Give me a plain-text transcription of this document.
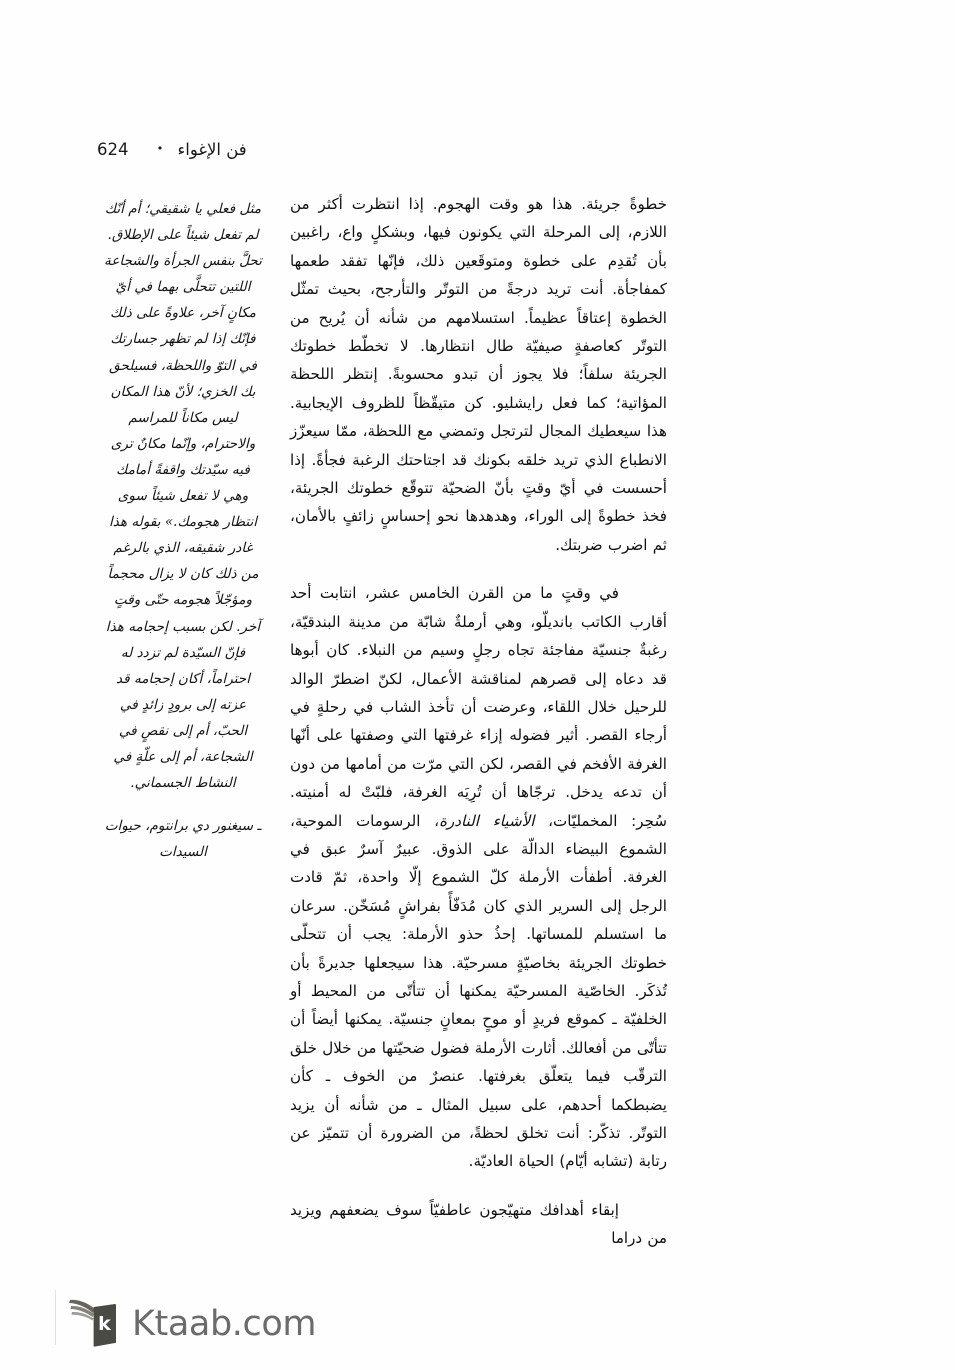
فن الإغواء • 624

خطوةً جريئة. هذا هو وقت الهجوم. إذا انتظرت أكثر من اللازم، إلى المرحلة التي يكونون فيها، وبشكلٍ واع، راغبين بأن تُقدِم على خطوة ومتوقَعين ذلك، فإنّها تفقد طعمها كمفاجأة. أنت تريد درجةً من التوتّر والتأرجح، بحيث تمثّل الخطوة إعتاقاً عظيماً. استسلامهم من شأنه أن يُريح من التوتّر كعاصفةٍ صيفيّة طال انتظارها. لا تخطّط خطوتك الجريئة سلفاً؛ فلا يجوز أن تبدو محسوبةً. إنتظر اللحظة المؤاتية؛ كما فعل رايشليو. كن متيقّظاً للظروف الإيجابية. هذا سيعطيك المجال لترتجل وتمضي مع اللحظة، ممّا سيعزّز الانطباع الذي تريد خلقه بكونك قد اجتاحتك الرغبة فجأةً. إذا أحسست في أيّ وقتٍ بأنّ الضحيّة تتوقّع خطوتك الجريئة، فخذ خطوةً إلى الوراء، وهدهدها نحو إحساسٍ زائفٍ بالأمان، ثم اضرب ضربتك.

في وقتٍ ما من القرن الخامس عشر، انتابت أحد أقارب الكاتب بانديلّو، وهي أرملةٌ شابّة من مدينة البندقيّة، رغبةٌ جنسيّة مفاجئة تجاه رجلٍ وسيم من النبلاء. كان أبوها قد دعاه إلى قصرهم لمناقشة الأعمال، لكنّ اضطرّ الوالد للرحيل خلال اللقاء، وعرضت أن تأخذ الشاب في رحلةٍ في أرجاء القصر. أثير فضوله إزاء غرفتها التي وصفتها على أنّها الغرفة الأفخم في القصر، لكن التي مرّت من أمامها من دون أن تدعه يدخل. ترجّاها أن تُرِيَه الغرفة، فلبّتْ له أمنيته. سُحِر: المخمليّات، الأشياء النادرة، الرسومات الموحية، الشموع البيضاء الدالّة على الذوق. عبيرٌ آسرٌ عبق في الغرفة. أطفأت الأرملة كلّ الشموع إلّا واحدة، ثمّ قادت الرجل إلى السرير الذي كان مُدَفّأً بفراشٍ مُسَخّن. سرعان ما استسلم للمساتها. إحذُ حذو الأرملة: يجب أن تتحلّى خطوتك الجريئة بخاصيّةٍ مسرحيّة. هذا سيجعلها جديرةً بأن تُذكَر. الخاصّية المسرحيّة يمكنها أن تتأتّى من المحيط أو الخلفيّة ـ كموقع فريدٍ أو موحٍ بمعانٍ جنسيّة. يمكنها أيضاً أن تتأتّى من أفعالك. أثارت الأرملة فضول ضحيّتها من خلال خلق الترقّب فيما يتعلّق بغرفتها. عنصرٌ من الخوف ـ كأن يضبطكما أحدهم، على سبيل المثال ـ من شأنه أن يزيد التوتّر. تذكّر: أنت تخلق لحظةً، من الضرورة أن تتميّز عن رتابة (تشابه أيّام) الحياة العاديّة.

إبقاء أهدافك متهيّجون عاطفيّاً سوف يضعفهم ويزيد من دراما

مثل فعلي يا شقيقي؛ أم أنّك لم تفعل شيئاً على الإطلاق. تحلَّ بنفس الجرأة والشجاعة اللتين تتحلَّى بهما في أيّ مكانٍ آخر، علاوةً على ذلك فإنّك إذا لم تظهر جسارتك في التوّ واللحظة، فسيلحق بك الخزي؛ لأنّ هذا المكان ليس مكاناً للمراسم والاحترام، وإنّما مكانٌ ترى فيه سيّدتك واقفةً أمامك وهي لا تفعل شيئاً سوى انتظار هجومك.» بقوله هذا غادر شقيقه، الذي بالرغم من ذلك كان لا يزال محجماً ومؤجّلاً هجومه حتّى وقتٍ آخر. لكن بسبب إحجامه هذا فإنّ السيّدة لم تزدد له احتراماً، أكان إحجامه قد عزته إلى برودٍ زائدٍ في الحبّ، أم إلى نقصٍ في الشجاعة، أم إلى علّةٍ في النشاط الجسماني.

ـ سيغنور دي برانتوم، حيوات السيدات

k Ktaab.com
